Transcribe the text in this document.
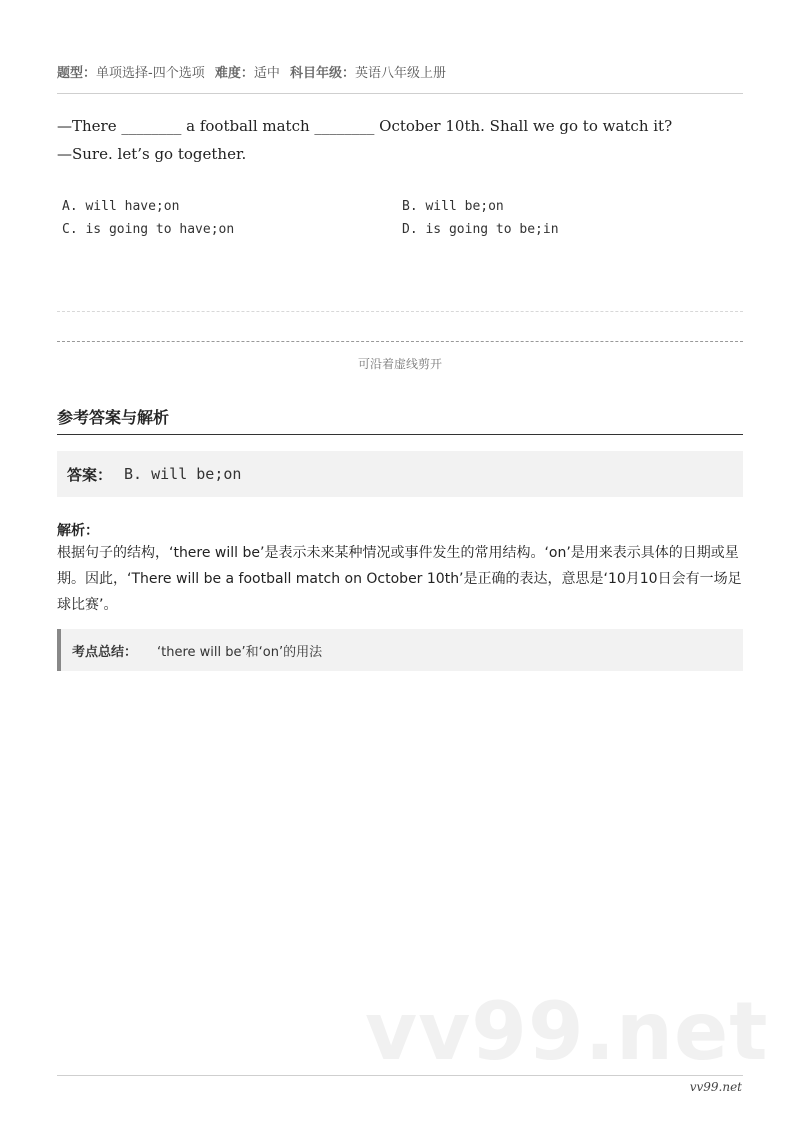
题型：单项选择-四个选项 难度：适中 科目年级：英语八年级上册
—There ________ a football match ________ October 10th. Shall we go to watch it?
—Sure. let’s go together.
A. will have;on	B. will be;on
C. is going to have;on	D. is going to be;in
可沿着虚线剪开
参考答案与解析
答案： B. will be;on
解析：
根据句子的结构，‘there will be’是表示未来某种情况或事件发生的常用结构。‘on’是用来表示具体的日期或星期。因此，‘There will be a football match on October 10th’是正确的表达，意思是‘10月10日会有一场足球比赛’。
考点总结： ‘there will be’和‘on’的用法
vv99.net
vv99.net
